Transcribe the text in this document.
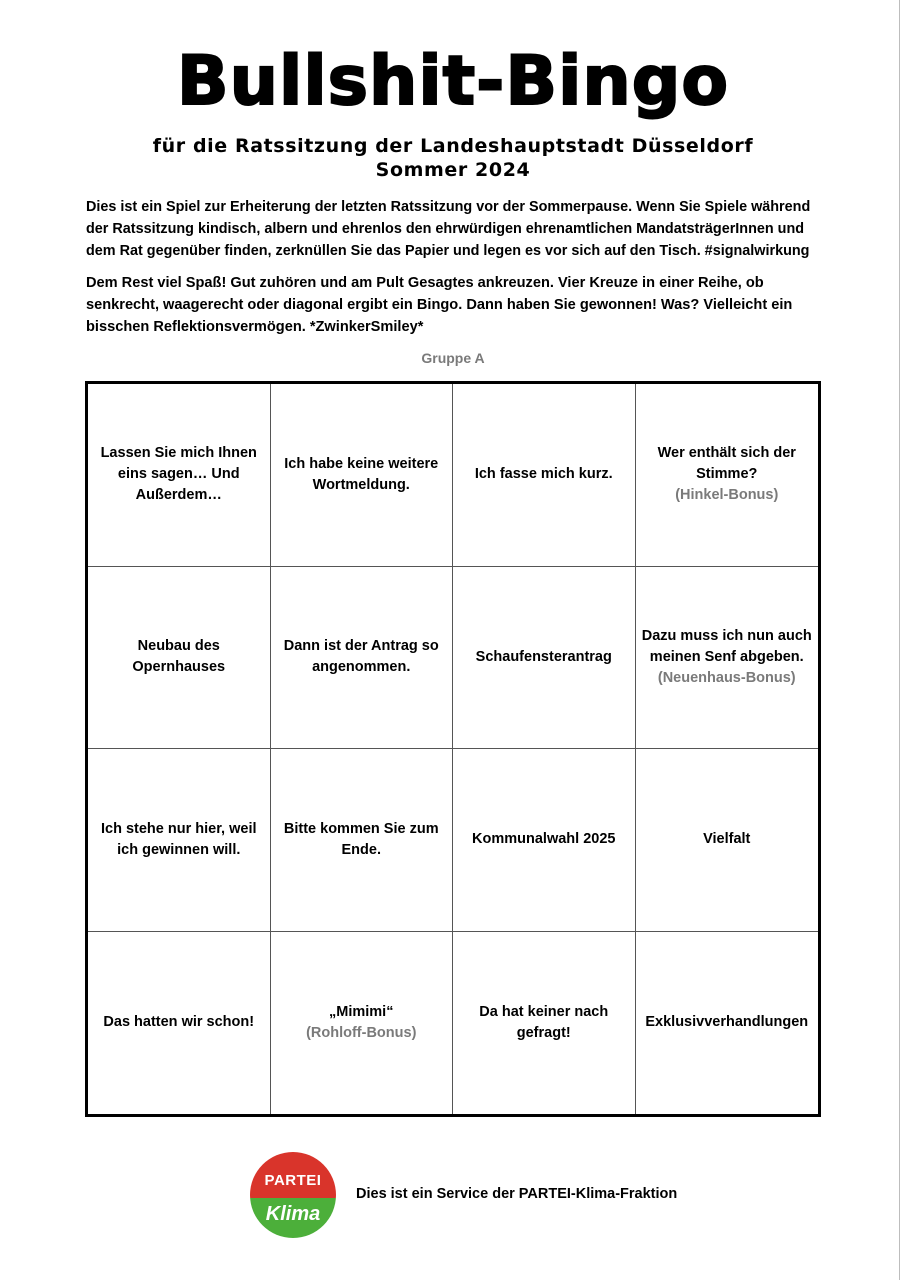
Bullshit-Bingo
für die Ratssitzung der Landeshauptstadt Düsseldorf
Sommer 2024

Dies ist ein Spiel zur Erheiterung der letzten Ratssitzung vor der Sommerpause. Wenn Sie Spiele während der Ratssitzung kindisch, albern und ehrenlos den ehrwürdigen ehrenamtlichen MandatsträgerInnen und dem Rat gegenüber finden, zerknüllen Sie das Papier und legen es vor sich auf den Tisch. #signalwirkung

Dem Rest viel Spaß! Gut zuhören und am Pult Gesagtes ankreuzen. Vier Kreuze in einer Reihe, ob senkrecht, waagerecht oder diagonal ergibt ein Bingo. Dann haben Sie gewonnen! Was? Vielleicht ein bisschen Reflektionsvermögen. *ZwinkerSmiley*

Gruppe A
Lassen Sie mich Ihnen eins sagen… Und Außerdem…
Ich habe keine weitere Wortmeldung.
Ich fasse mich kurz.
Wer enthält sich der Stimme?
(Hinkel-Bonus)
Neubau des Opernhauses
Dann ist der Antrag so angenommen.
Schaufensterantrag
Dazu muss ich nun auch meinen Senf abgeben.
(Neuenhaus-Bonus)
Ich stehe nur hier, weil ich gewinnen will.
Bitte kommen Sie zum Ende.
Kommunalwahl 2025	Vielfalt
Das hatten wir schon!
„Mimimi“
(Rohloff-Bonus)
Da hat keiner nach gefragt!
Exklusivverhandlungen
PARTEI
Klima
Dies ist ein Service der PARTEI-Klima-Fraktion
